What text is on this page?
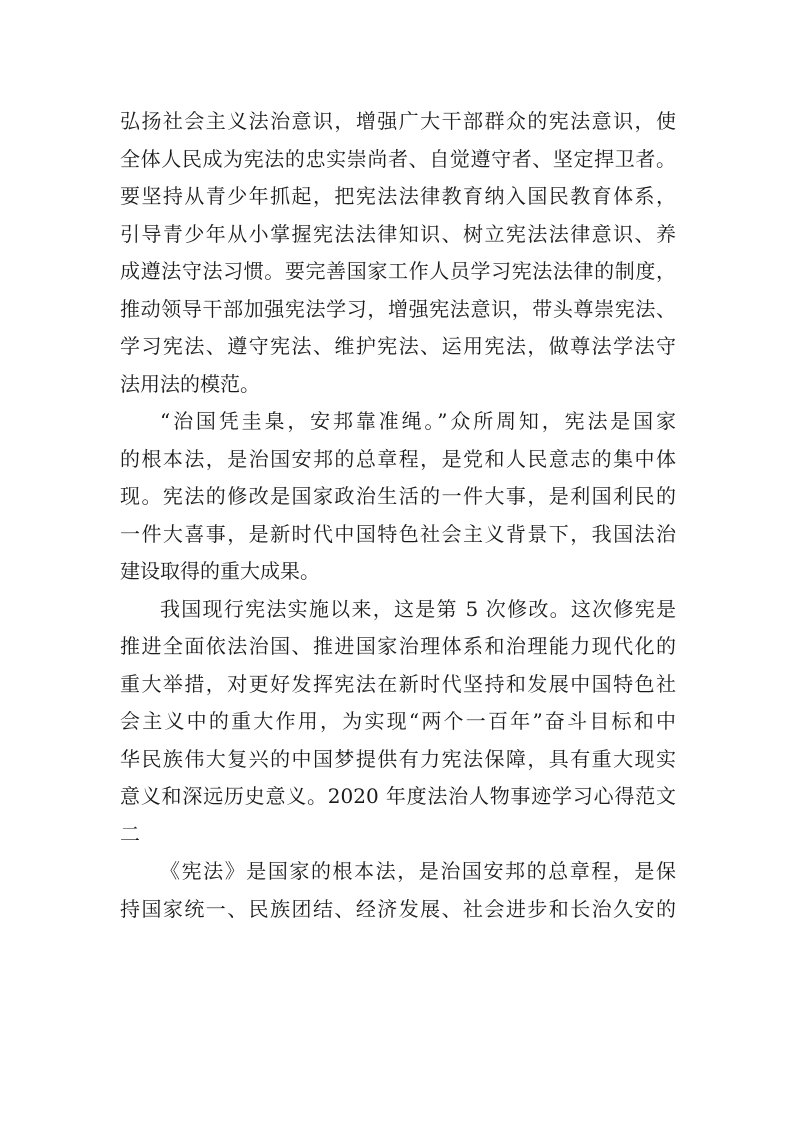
弘扬社会主义法治意识，增强广大干部群众的宪法意识，使
全体人民成为宪法的忠实崇尚者、自觉遵守者、坚定捍卫者。
要坚持从青少年抓起，把宪法法律教育纳入国民教育体系，
引导青少年从小掌握宪法法律知识、树立宪法法律意识、养
成遵法守法习惯。要完善国家工作人员学习宪法法律的制度，
推动领导干部加强宪法学习，增强宪法意识，带头尊崇宪法、
学习宪法、遵守宪法、维护宪法、运用宪法，做尊法学法守
法用法的模范。
“治国凭圭臬，安邦靠准绳。”众所周知，宪法是国家
的根本法，是治国安邦的总章程，是党和人民意志的集中体
现。宪法的修改是国家政治生活的一件大事，是利国利民的
一件大喜事，是新时代中国特色社会主义背景下，我国法治
建设取得的重大成果。
我国现行宪法实施以来，这是第 5 次修改。这次修宪是
推进全面依法治国、推进国家治理体系和治理能力现代化的
重大举措，对更好发挥宪法在新时代坚持和发展中国特色社
会主义中的重大作用，为实现“两个一百年”奋斗目标和中
华民族伟大复兴的中国梦提供有力宪法保障，具有重大现实
意义和深远历史意义。2020 年度法治人物事迹学习心得范文
二
《宪法》是国家的根本法，是治国安邦的总章程，是保
持国家统一、民族团结、经济发展、社会进步和长治久安的
